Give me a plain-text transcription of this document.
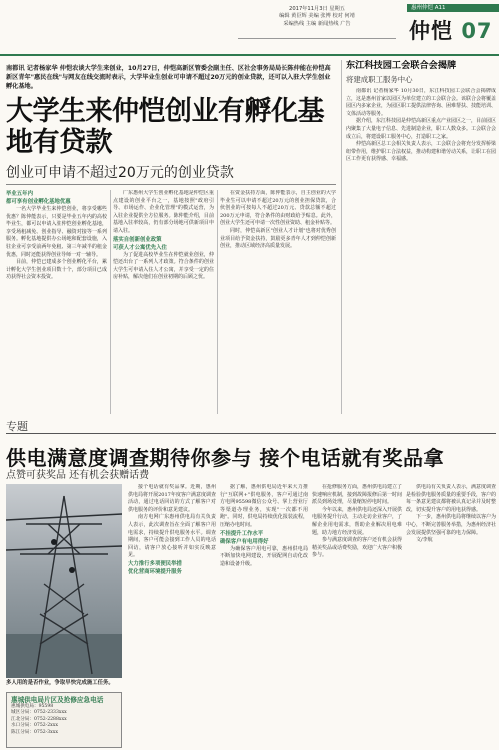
2017年11月3日 星期五
编辑 黄臣辉 美编 张博 校对 何靖
采编热线 主编 新闻热线 广告
惠州仲恺 A11
仲恺 07
南都讯 记者杨家华 仲恺农谈大学生来创业，10月27日，仲恺高新区管委会副主任、区社会事务局局长陈仲能在仲恺高新区青年"惠民在线"与网友在线交流时表示，大学毕业生创业可申请不超过20万元的创业贷款，还可以入驻大学生创业孵化基地。
大学生来仲恺创业有孵化基地有贷款
创业可申请不超过20万元的创业贷款

毕业五年内

都可享有创业孵化基地优惠

一名大学毕业生来仲恺创业，将享受哪些优惠？陈仲能表示，只要是毕业五年内的高校毕业生，都可以申请入驻仲恺创业孵化基地，享受场租减免、创业指导、融资对接等一系列服务。孵化基地提供办公场地和配套设施，入驻企业可享受前两年免租、第三年减半的租金优惠，同时还能获得创业导师一对一辅导。

目前，仲恺已建成多个创业孵化平台，累计孵化大学生创业项目数十个，部分项目已成功获得社会资本投资。

广东惠州大学生创业孵化基地是仲恺区重点建设的创业平台之一，基地按照"政府引导、市场运作、企业化管理"的模式运营，为入驻企业提供全方位服务。陈仲能介绍，目前基地入驻率较高，仍有部分场地可供新项目申请入驻。

落实自创新创业政策

可获人才公寓优先入住

为了促进高校毕业生在仲恺就业创业，仲恺还出台了一系列人才政策。符合条件的创业大学生可申请入住人才公寓，并享受一定的住房补贴，解决他们在创业初期的后顾之忧。

在资金扶持方面，陈仲能表示，自主创业的大学毕业生可以申请不超过20万元的创业担保贷款，合伙创业的可按每人不超过20万元、贷款总额不超过200万元申请，符合条件的由财政给予贴息。此外，创业大学生还可申请一次性创业资助、租金补贴等。

同时，仲恺高新区"创业人才计划"也将对优秀创业项目给予资金扶持，鼓励更多青年人才到仲恺创新创业，推动区域经济高质量发展。

东江科技园工会联合会揭牌
将建成职工服务中心

南都讯 记者杨家华 10月30日，东江科技园工会联合会揭牌成立，这是惠州首家以园区为单位建立的工会联合会。该联合会将覆盖园区内多家企业，为园区职工提供法律咨询、困难帮扶、技能培训、文体活动等服务。

据介绍，东江科技园是仲恺高新区重点产业园区之一，目前园区内聚集了大量电子信息、先进制造企业，职工人数众多。工会联合会成立后，将建设职工服务中心，打造职工之家。

仲恺高新区总工会相关负责人表示，工会联合会将充分发挥桥梁纽带作用，维护职工合法权益，推动构建和谐劳动关系，让职工在园区工作更有获得感、幸福感。

专题
供电满意度调查期待你参与 接个电话就有奖品拿
点赞可获奖品 还有机会获赠话费
多人用的是否作业，争取早快完成施工任务。
惠城供电局片区及抢修应急电话
惠城供电局：95598
城区分局：0752-2333xxx
江北分局：0752-2288xxx
水口分局：0752-2xxx
陈江分局：0752-3xxx

接个电话就有奖品拿。近期，惠州供电局将开展2017年度客户满意度调查活动，通过电话回访的方式了解客户对供电服务的评价和意见建议。

南方电网广东惠州供电局有关负责人表示，此次调查旨在全面了解客户用电需求，持续提升供电服务水平。调查期间，客户可能会接到工作人员的电话回访，请客户放心接听并如实反映意见。

大力推行多项便民举措

优化营商环境提升服务

据了解，惠州供电局近年来大力推行"互联网+"供电服务，客户可通过南方电网95598微信公众号、掌上营业厅等渠道办理业务，实现"一次都不用跑"。同时，供电局持续优化报装流程，压缩办电时间。

不挂提升工作水平

确保客户有电用得好

为确保客户用电可靠，惠州供电局不断加快电网建设，开展配网自动化改造和设备升级。

在抢修服务方面，惠州供电局建立了快速响应机制，接到故障报修后第一时间派员到场处理，尽量缩短停电时间。

今年以来，惠州供电局还深入开展供电服务提升行动，主动走访企业客户，了解企业用电需求，帮助企业解决用电难题，助力地方经济发展。

参与满意度调查的客户还有机会获得精美奖品或话费奖励，欢迎广大客户积极参与。

供电局有关负责人表示，满意度调查是检验供电服务质量的重要手段，客户的每一条意见建议都将被认真记录并及时整改，切实提升客户的用电获得感。

下一步，惠州供电局将继续以客户为中心，不断完善服务举措，为惠州经济社会发展提供坚强可靠的电力保障。

文/李航
